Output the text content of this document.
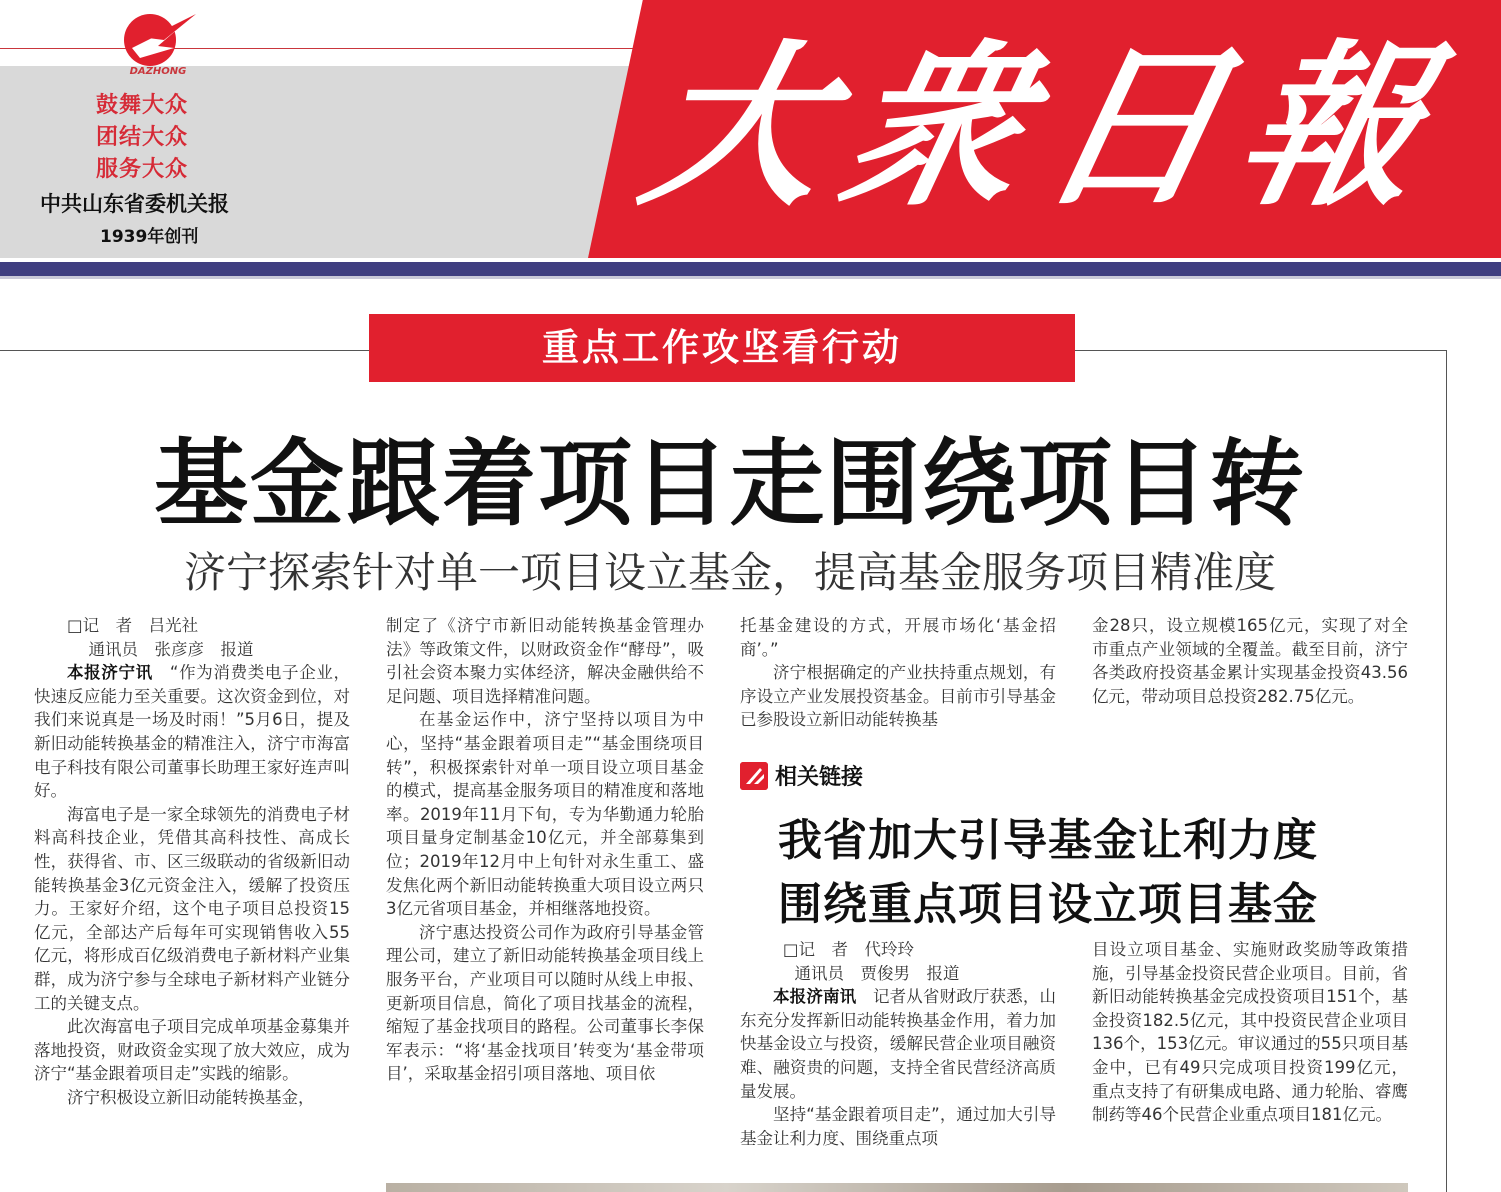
DAZHONG
鼓舞大众
团结大众
服务大众
中共山东省委机关报
1939年创刊
大衆日報
重点工作攻坚看行动
基金跟着项目走围绕项目转
济宁探索针对单一项目设立基金，提高基金服务项目精准度

□记　者　吕光社

通讯员　张彦彦　报道

本报济宁讯　 “作为消费类电子企业，快速反应能力至关重要。这次资金到位，对我们来说真是一场及时雨！”5月6日，提及新旧动能转换基金的精准注入，济宁市海富电子科技有限公司董事长助理王家好连声叫好。

海富电子是一家全球领先的消费电子材料高科技企业，凭借其高科技性、高成长性，获得省、市、区三级联动的省级新旧动能转换基金3亿元资金注入，缓解了投资压力。王家好介绍，这个电子项目总投资15亿元，全部达产后每年可实现销售收入55亿元，将形成百亿级消费电子新材料产业集群，成为济宁参与全球电子新材料产业链分工的关键支点。

此次海富电子项目完成单项基金募集并落地投资，财政资金实现了放大效应，成为济宁“基金跟着项目走”实践的缩影。

济宁积极设立新旧动能转换基金，

制定了《济宁市新旧动能转换基金管理办法》等政策文件，以财政资金作“酵母”，吸引社会资本聚力实体经济，解决金融供给不足问题、项目选择精准问题。

在基金运作中，济宁坚持以项目为中心，坚持“基金跟着项目走”“基金围绕项目转”，积极探索针对单一项目设立项目基金的模式，提高基金服务项目的精准度和落地率。2019年11月下旬，专为华勤通力轮胎项目量身定制基金10亿元，并全部募集到位；2019年12月中上旬针对永生重工、盛发焦化两个新旧动能转换重大项目设立两只3亿元省项目基金，并相继落地投资。

济宁惠达投资公司作为政府引导基金管理公司，建立了新旧动能转换基金项目线上服务平台，产业项目可以随时从线上申报、更新项目信息，简化了项目找基金的流程，缩短了基金找项目的路程。公司董事长李保军表示：“将‘基金找项目’转变为‘基金带项目’，采取基金招引项目落地、项目依

托基金建设的方式，开展市场化‘基金招商’。”

济宁根据确定的产业扶持重点规划，有序设立产业发展投资基金。目前市引导基金已参股设立新旧动能转换基

金28只，设立规模165亿元，实现了对全市重点产业领域的全覆盖。截至目前，济宁各类政府投资基金累计实现基金投资43.56亿元，带动项目总投资282.75亿元。

相关链接
我省加大引导基金让利力度
围绕重点项目设立项目基金

□记　者　代玲玲

通讯员　贾俊男　报道

本报济南讯　 记者从省财政厅获悉，山东充分发挥新旧动能转换基金作用，着力加快基金设立与投资，缓解民营企业项目融资难、融资贵的问题，支持全省民营经济高质量发展。

坚持“基金跟着项目走”，通过加大引导基金让利力度、围绕重点项

目设立项目基金、实施财政奖励等政策措施，引导基金投资民营企业项目。目前，省新旧动能转换基金完成投资项目151个，基金投资182.5亿元，其中投资民营企业项目136个，153亿元。审议通过的55只项目基金中，已有49只完成项目投资199亿元，重点支持了有研集成电路、通力轮胎、睿鹰制药等46个民营企业重点项目181亿元。
